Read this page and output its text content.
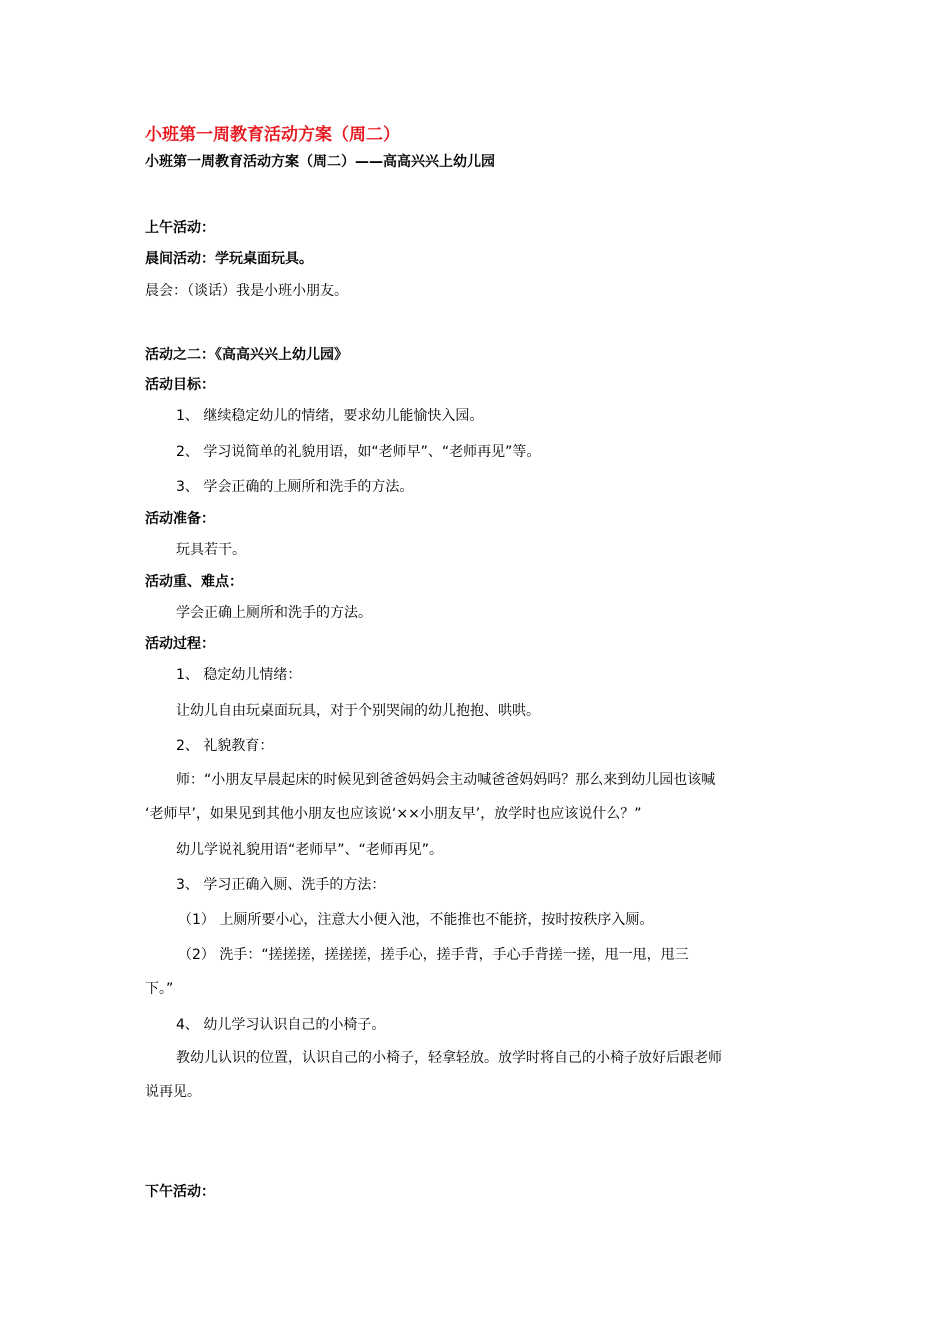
小班第一周教育活动方案（周二）
小班第一周教育活动方案（周二）——高高兴兴上幼儿园
上午活动：
晨间活动：学玩桌面玩具。
晨会：（谈话）我是小班小朋友。
活动之二：《高高兴兴上幼儿园》
活动目标：
1、 继续稳定幼儿的情绪，要求幼儿能愉快入园。
2、 学习说简单的礼貌用语，如“老师早”、“老师再见”等。
3、 学会正确的上厕所和洗手的方法。
活动准备：
玩具若干。
活动重、难点：
学会正确上厕所和洗手的方法。
活动过程：
1、 稳定幼儿情绪：
让幼儿自由玩桌面玩具，对于个别哭闹的幼儿抱抱、哄哄。
2、 礼貌教育：
师：“小朋友早晨起床的时候见到爸爸妈妈会主动喊爸爸妈妈吗？那么来到幼儿园也该喊
‘老师早’，如果见到其他小朋友也应该说‘××小朋友早’，放学时也应该说什么？”
幼儿学说礼貌用语“老师早”、“老师再见”。
3、 学习正确入厕、洗手的方法：
（1） 上厕所要小心，注意大小便入池，不能推也不能挤，按时按秩序入厕。
（2） 洗手：“搓搓搓，搓搓搓，搓手心，搓手背，手心手背搓一搓，甩一甩，甩三
下。”
4、 幼儿学习认识自己的小椅子。
教幼儿认识的位置，认识自己的小椅子，轻拿轻放。放学时将自己的小椅子放好后跟老师
说再见。
下午活动：
